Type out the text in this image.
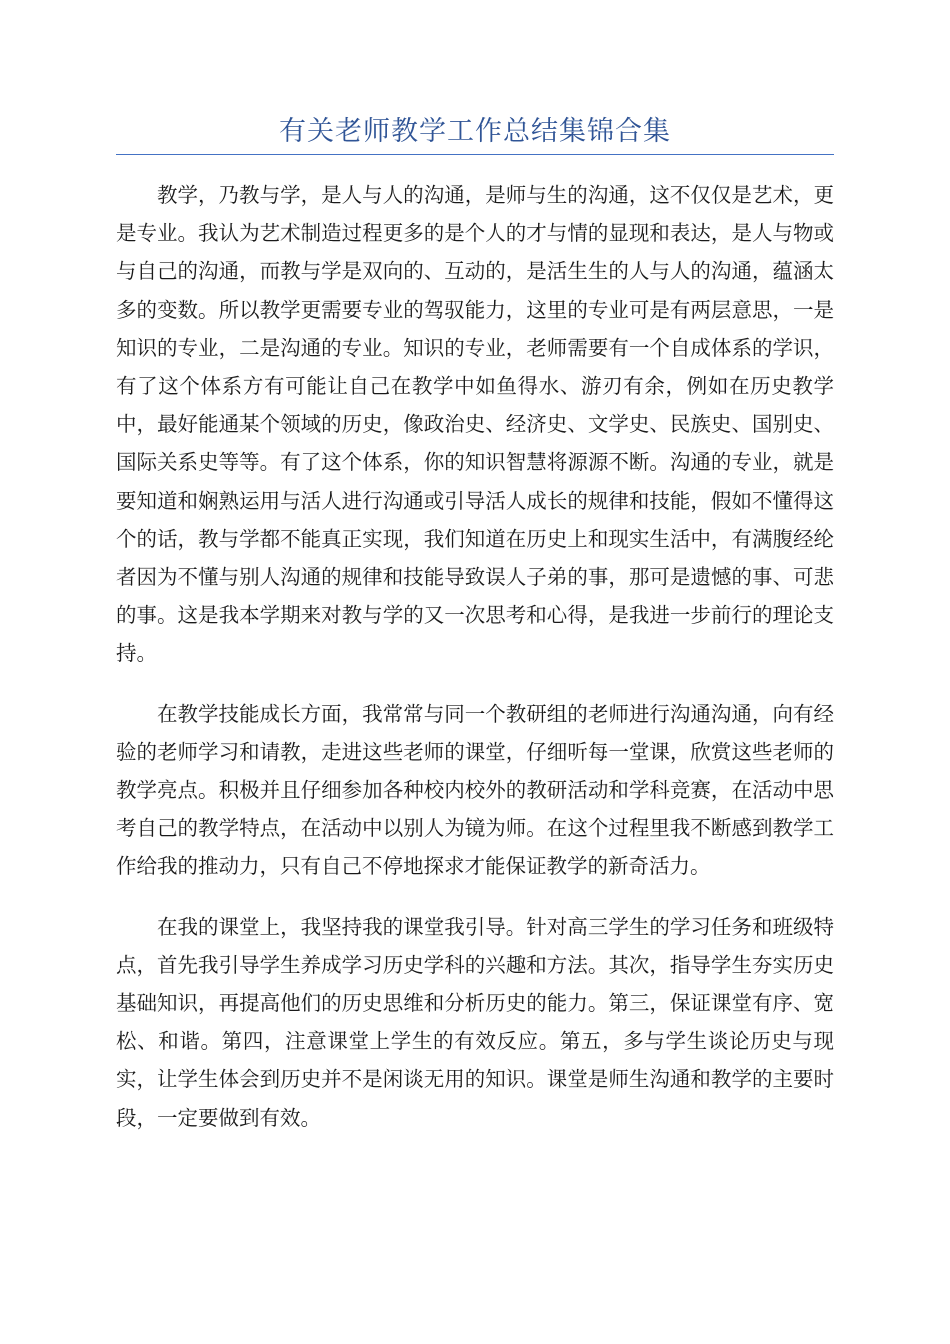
有关老师教学工作总结集锦合集

教学，乃教与学，是人与人的沟通，是师与生的沟通，这不仅仅是艺术，更是专业。我认为艺术制造过程更多的是个人的才与情的显现和表达，是人与物或与自己的沟通，而教与学是双向的、互动的，是活生生的人与人的沟通，蕴涵太多的变数。所以教学更需要专业的驾驭能力，这里的专业可是有两层意思，一是知识的专业，二是沟通的专业。知识的专业，老师需要有一个自成体系的学识，有了这个体系方有可能让自己在教学中如鱼得水、游刃有余，例如在历史教学中，最好能通某个领域的历史，像政治史、经济史、文学史、民族史、国别史、国际关系史等等。有了这个体系，你的知识智慧将源源不断。沟通的专业，就是要知道和娴熟运用与活人进行沟通或引导活人成长的规律和技能，假如不懂得这个的话，教与学都不能真正实现，我们知道在历史上和现实生活中，有满腹经纶者因为不懂与别人沟通的规律和技能导致误人子弟的事，那可是遗憾的事、可悲的事。这是我本学期来对教与学的又一次思考和心得，是我进一步前行的理论支持。

在教学技能成长方面，我常常与同一个教研组的老师进行沟通沟通，向有经验的老师学习和请教，走进这些老师的课堂，仔细听每一堂课，欣赏这些老师的教学亮点。积极并且仔细参加各种校内校外的教研活动和学科竞赛，在活动中思考自己的教学特点，在活动中以别人为镜为师。在这个过程里我不断感到教学工作给我的推动力，只有自己不停地探求才能保证教学的新奇活力。

在我的课堂上，我坚持我的课堂我引导。针对高三学生的学习任务和班级特点，首先我引导学生养成学习历史学科的兴趣和方法。其次，指导学生夯实历史基础知识，再提高他们的历史思维和分析历史的能力。第三，保证课堂有序、宽松、和谐。第四，注意课堂上学生的有效反应。第五，多与学生谈论历史与现实，让学生体会到历史并不是闲谈无用的知识。课堂是师生沟通和教学的主要时段，一定要做到有效。
